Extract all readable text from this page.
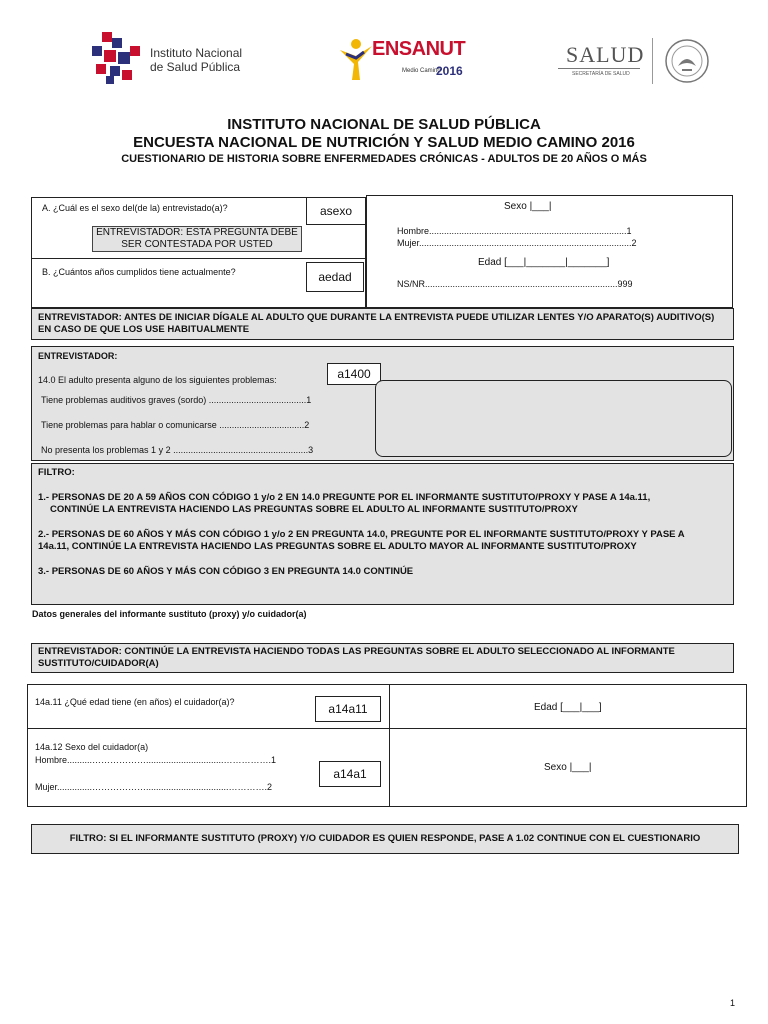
Instituto Nacional
de Salud Pública
ENSANUT
Medio Camino
2016
SALUD
SECRETARÍA DE SALUD
INSTITUTO NACIONAL DE SALUD PÚBLICA
ENCUESTA NACIONAL DE NUTRICIÓN Y SALUD MEDIO CAMINO 2016
CUESTIONARIO DE HISTORIA SOBRE ENFERMEDADES CRÓNICAS - ADULTOS DE 20 AÑOS O MÁS
A. ¿Cuál es el sexo del(de la) entrevistado(a)?
ENTREVISTADOR: ESTA PREGUNTA DEBE
SER CONTESTADA POR USTED
asexo	Sexo |___|
Hombre...............................................................................1
Mujer.....................................................................................2
B. ¿Cuántos años cumplidos tiene actualmente?	aedad
Edad [___|_______|_______]
NS/NR.............................................................................999
ENTREVISTADOR: ANTES DE INICIAR DÍGALE AL ADULTO QUE DURANTE LA ENTREVISTA PUEDE UTILIZAR LENTES Y/O APARATO(S) AUDITIVO(S) EN CASO DE QUE LOS USE HABITUALMENTE
ENTREVISTADOR:
14.0 El adulto presenta alguno de los siguientes problemas:	a1400
Tiene problemas auditivos graves (sordo) .......................................1
Tiene problemas para hablar o comunicarse ..................................2
No presenta los problemas 1 y 2 ......................................................3
FILTRO:
1.- PERSONAS DE 20 A 59 AÑOS CON CÓDIGO 1 y/o 2 EN 14.0 PREGUNTE POR EL INFORMANTE SUSTITUTO/PROXY Y PASE A 14a.11,
CONTINÚE LA ENTREVISTA HACIENDO LAS PREGUNTAS SOBRE EL ADULTO AL INFORMANTE SUSTITUTO/PROXY
2.- PERSONAS DE 60 AÑOS Y MÁS CON CÓDIGO 1 y/o 2 EN PREGUNTA 14.0, PREGUNTE POR EL INFORMANTE SUSTITUTO/PROXY Y PASE A
14a.11, CONTINÚE LA ENTREVISTA HACIENDO LAS PREGUNTAS SOBRE EL ADULTO MAYOR AL INFORMANTE SUSTITUTO/PROXY
3.- PERSONAS DE 60 AÑOS Y MÁS CON CÓDIGO 3 EN PREGUNTA 14.0 CONTINÚE
Datos generales del informante sustituto (proxy) y/o cuidador(a)
ENTREVISTADOR: CONTINÚE LA ENTREVISTA HACIENDO TODAS LAS PREGUNTAS SOBRE EL ADULTO SELECCIONADO AL INFORMANTE SUSTITUTO/CUIDADOR(A)
14a.11 ¿Qué edad tiene (en años) el cuidador(a)?	a14a11	Edad [___|___]
14a.12 Sexo del cuidador(a)
Hombre..........………………...............................…………….1
Mujer..............……………….................................………….2
a14a1	Sexo |___|
FILTRO: SI EL INFORMANTE SUSTITUTO (PROXY) Y/O CUIDADOR ES QUIEN RESPONDE, PASE A 1.02 CONTINUE CON EL CUESTIONARIO
1
